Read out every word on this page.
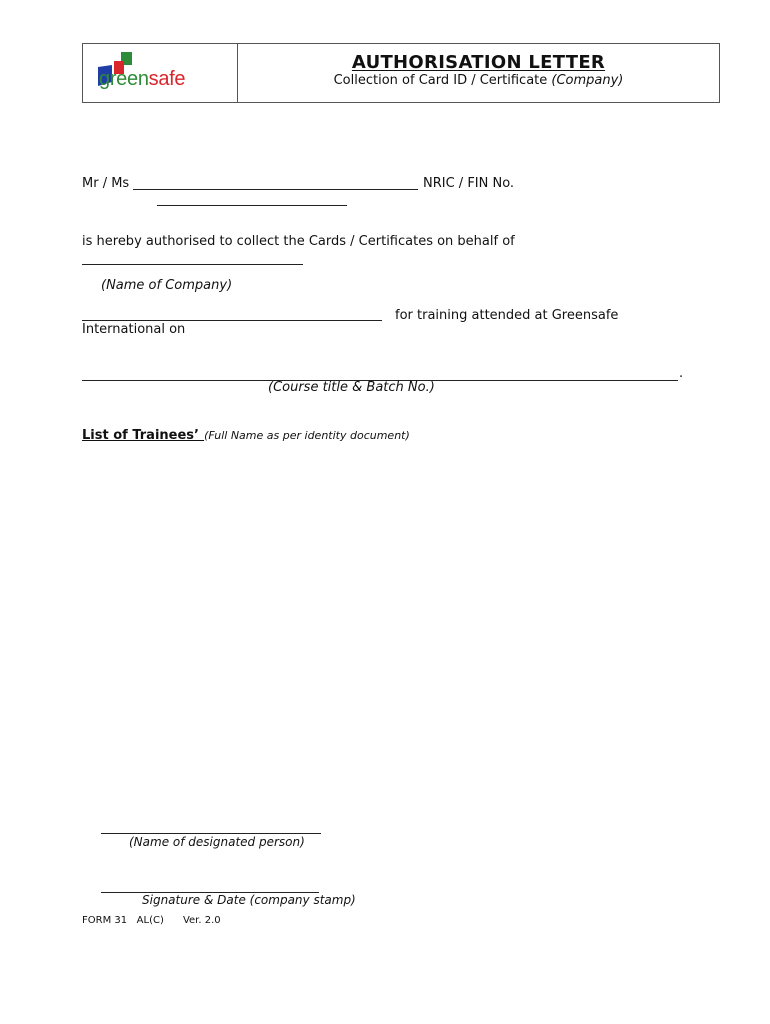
greensafe
AUTHORISATION LETTER
Collection of Card ID / Certificate (Company)
Mr / Ms	NRIC / FIN No.
is hereby authorised to collect the Cards / Certificates on behalf of
(Name of Company)
for training attended at Greensafe
International on
.
(Course title & Batch No.)
List of Trainees’ (Full Name as per identity document)
(Name of designated person)
Signature & Date (company stamp)
FORM 31 AL(C) Ver. 2.0
